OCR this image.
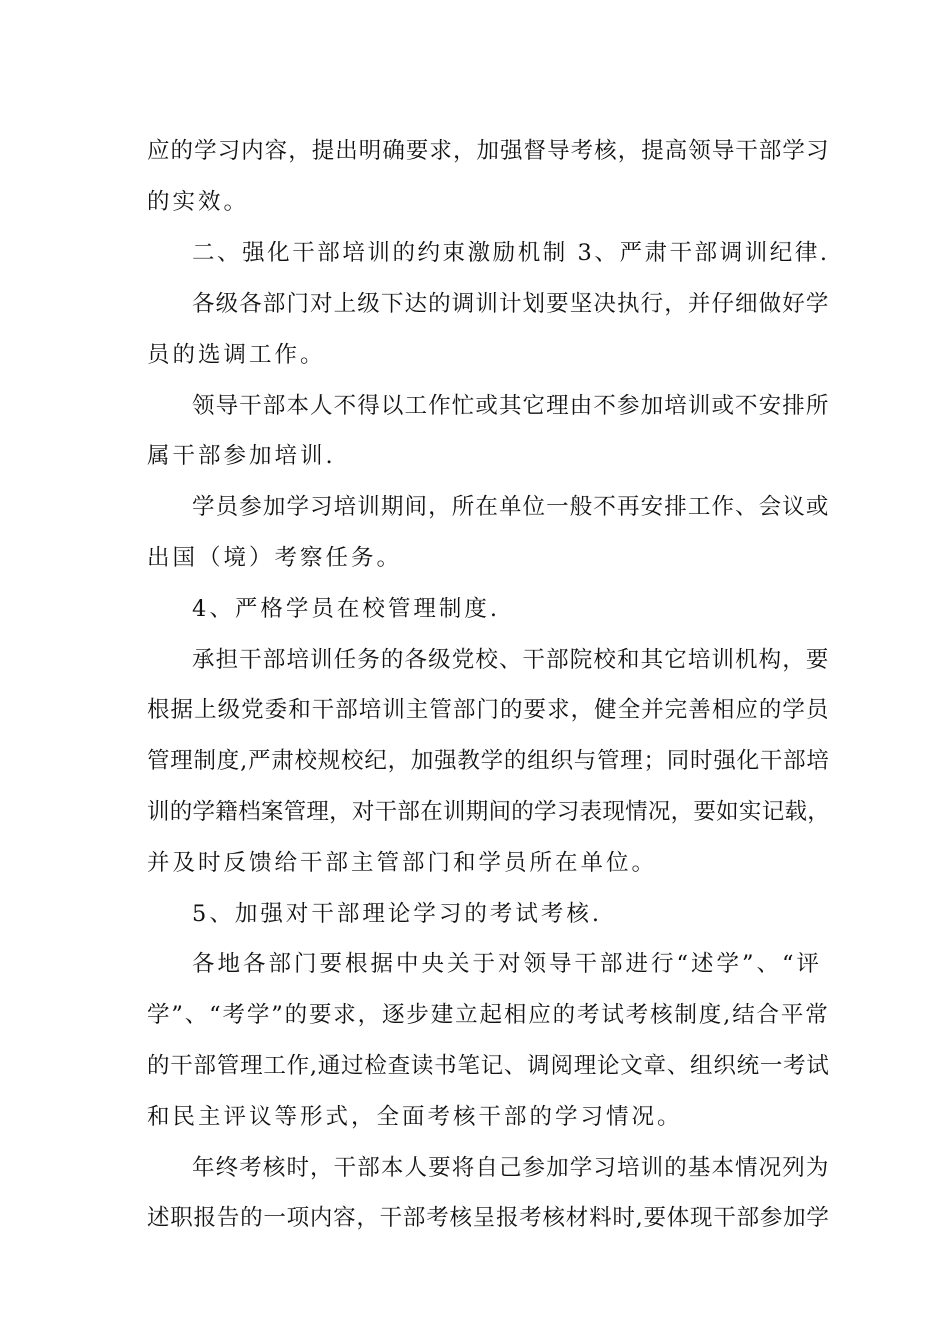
应的学习内容，提出明确要求，加强督导考核，提高领导干部学习
的实效。
二、强化干部培训的约束激励机制 3、严肃干部调训纪律.
各级各部门对上级下达的调训计划要坚决执行，并仔细做好学
员的选调工作。
领导干部本人不得以工作忙或其它理由不参加培训或不安排所
属干部参加培训.
学员参加学习培训期间，所在单位一般不再安排工作、会议或
出国（境）考察任务。
4、严格学员在校管理制度.
承担干部培训任务的各级党校、干部院校和其它培训机构，要
根据上级党委和干部培训主管部门的要求，健全并完善相应的学员
管理制度,严肃校规校纪，加强教学的组织与管理；同时强化干部培
训的学籍档案管理，对干部在训期间的学习表现情况，要如实记载，
并及时反馈给干部主管部门和学员所在单位。
5、加强对干部理论学习的考试考核.
各地各部门要根据中央关于对领导干部进行“述学”、“评
学”、“考学”的要求，逐步建立起相应的考试考核制度,结合平常
的干部管理工作,通过检查读书笔记、调阅理论文章、组织统一考试
和民主评议等形式，全面考核干部的学习情况。
年终考核时，干部本人要将自己参加学习培训的基本情况列为
述职报告的一项内容，干部考核呈报考核材料时,要体现干部参加学
